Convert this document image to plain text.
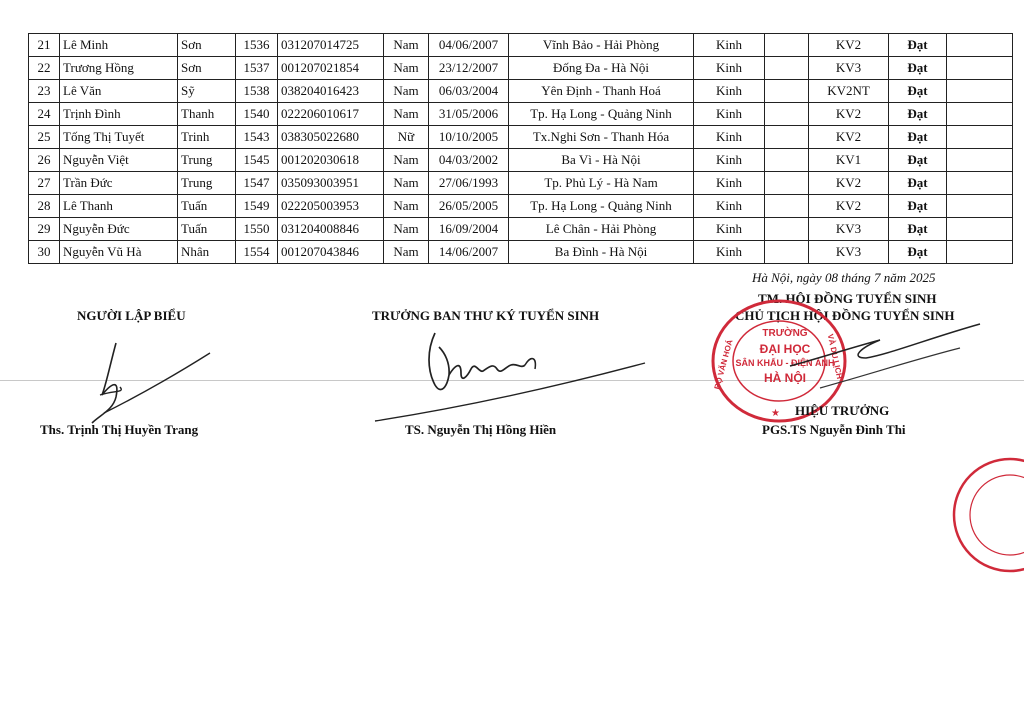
21	Lê Minh	Sơn	1536	031207014725	Nam	04/06/2007	Vĩnh Bảo - Hải Phòng	Kinh		KV2	Đạt	
22	Trương Hồng	Sơn	1537	001207021854	Nam	23/12/2007	Đống Đa - Hà Nội	Kinh		KV3	Đạt	
23	Lê Văn	Sỹ	1538	038204016423	Nam	06/03/2004	Yên Định - Thanh Hoá	Kinh		KV2NT	Đạt	
24	Trịnh Đình	Thanh	1540	022206010617	Nam	31/05/2006	Tp. Hạ Long - Quảng Ninh	Kinh		KV2	Đạt	
25	Tống Thị Tuyết	Trinh	1543	038305022680	Nữ	10/10/2005	Tx.Nghi Sơn - Thanh Hóa	Kinh		KV2	Đạt	
26	Nguyễn Việt	Trung	1545	001202030618	Nam	04/03/2002	Ba Vì - Hà Nội	Kinh		KV1	Đạt	
27	Trần Đức	Trung	1547	035093003951	Nam	27/06/1993	Tp. Phủ Lý - Hà Nam	Kinh		KV2	Đạt	
28	Lê Thanh	Tuấn	1549	022205003953	Nam	26/05/2005	Tp. Hạ Long - Quảng Ninh	Kinh		KV2	Đạt	
29	Nguyễn Đức	Tuấn	1550	031204008846	Nam	16/09/2004	Lê Chân - Hải Phòng	Kinh		KV3	Đạt	
30	Nguyễn Vũ Hà	Nhân	1554	001207043846	Nam	14/06/2007	Ba Đình - Hà Nội	Kinh		KV3	Đạt	
Hà Nội, ngày 08 tháng 7 năm 2025
NGƯỜI LẬP BIỂU
Ths. Trịnh Thị Huyền Trang
TRƯỞNG BAN THƯ KÝ TUYỂN SINH
TS. Nguyễn Thị Hồng Hiền
TM. HỘI ĐỒNG TUYỂN SINH
CHỦ TỊCH HỘI ĐỒNG TUYỂN SINH
★
TRƯỜNG
ĐẠI HỌC
SÂN KHẤU - ĐIỆN ẢNH
HÀ NỘI
BỘ VĂN HOÁ	VÀ DU LỊCH
HIỆU TRƯỞNG
PGS.TS Nguyễn Đình Thi
